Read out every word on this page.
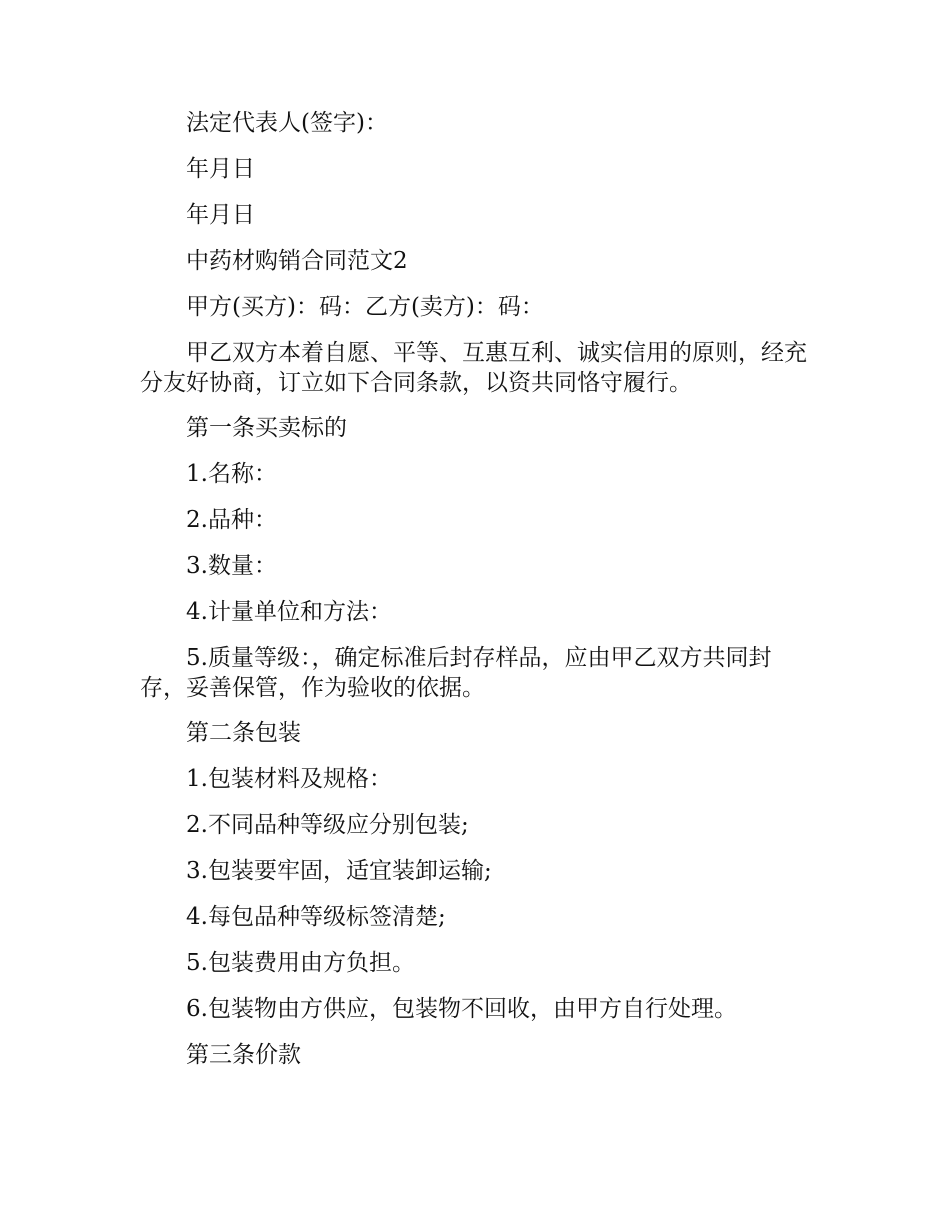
法定代表人(签字)：

年月日

年月日

中药材购销合同范文2

甲方(买方)：码：乙方(卖方)：码：

甲乙双方本着自愿、平等、互惠互利、诚实信用的原则，经充分友好协商，订立如下合同条款，以资共同恪守履行。

第一条买卖标的

1.名称：

2.品种：

3.数量：

4.计量单位和方法：

5.质量等级：，确定标准后封存样品，应由甲乙双方共同封存，妥善保管，作为验收的依据。

第二条包装

1.包装材料及规格：

2.不同品种等级应分别包装;

3.包装要牢固，适宜装卸运输;

4.每包品种等级标签清楚;

5.包装费用由方负担。

6.包装物由方供应，包装物不回收，由甲方自行处理。

第三条价款
